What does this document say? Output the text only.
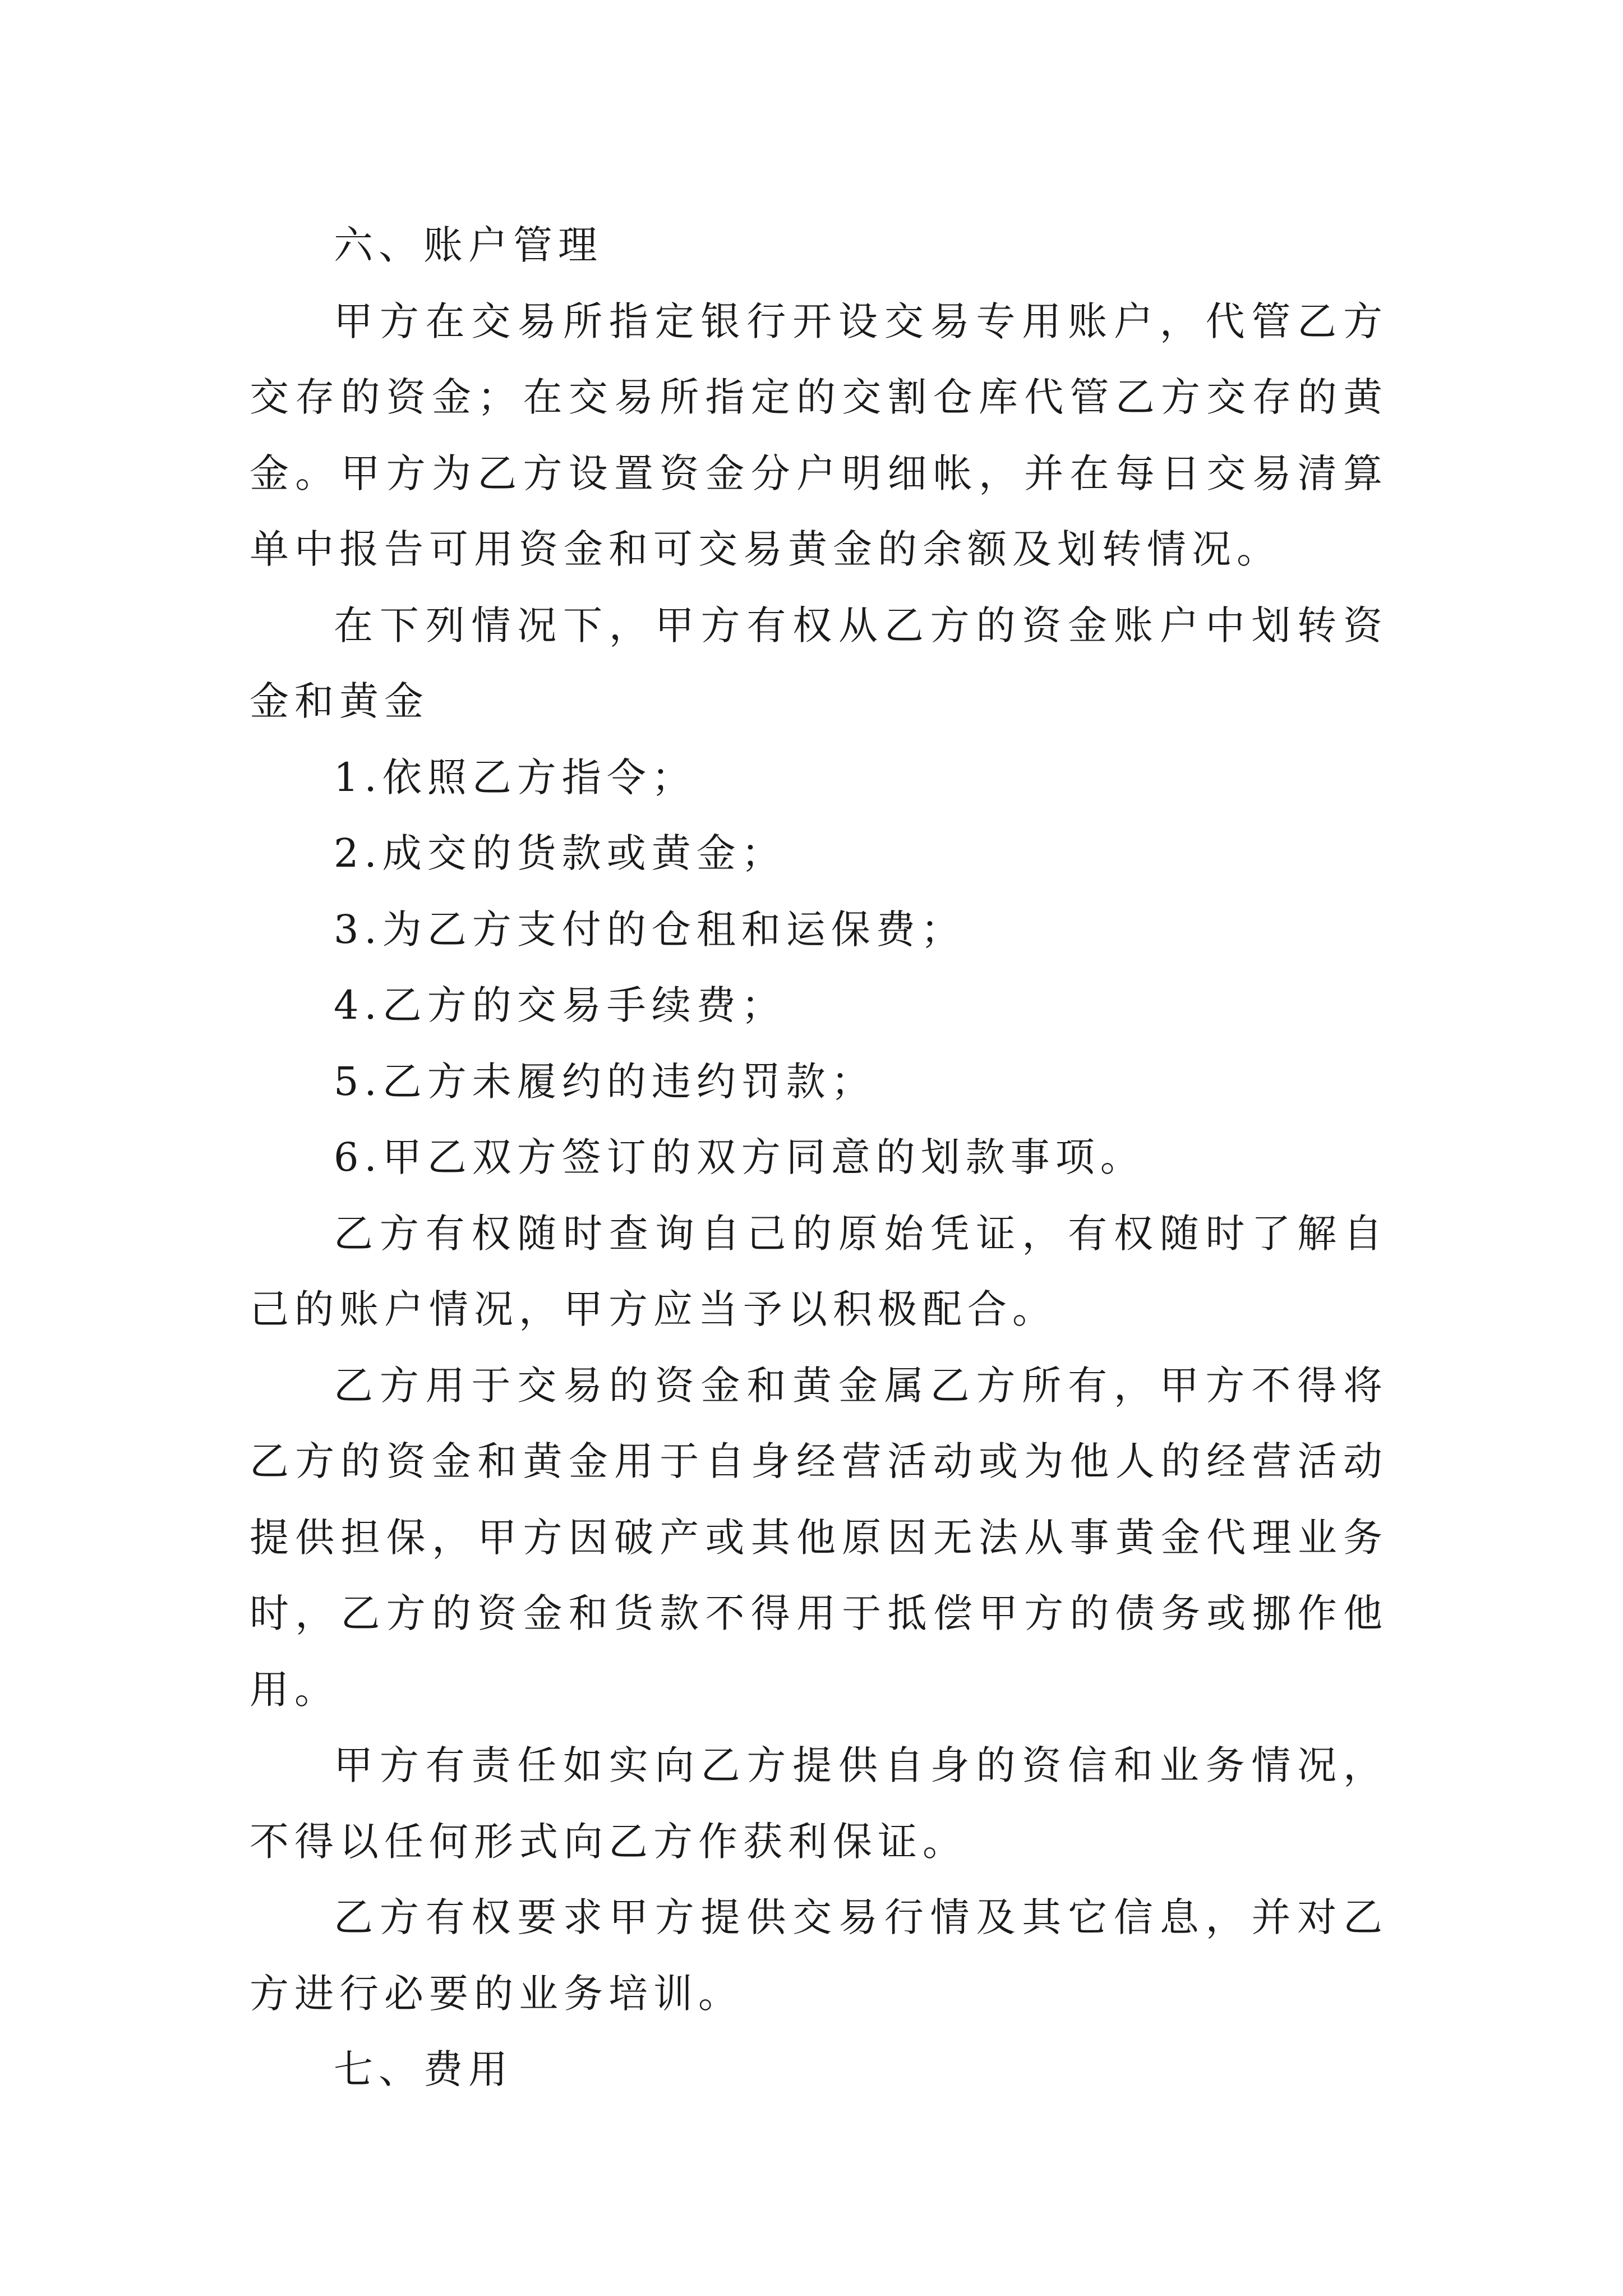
六、账户管理

甲方在交易所指定银行开设交易专用账户，代管乙方交存的资金；在交易所指定的交割仓库代管乙方交存的黄金。甲方为乙方设置资金分户明细帐，并在每日交易清算单中报告可用资金和可交易黄金的余额及划转情况。

在下列情况下，甲方有权从乙方的资金账户中划转资金和黄金

1.依照乙方指令；

2.成交的货款或黄金；

3.为乙方支付的仓租和运保费；

4.乙方的交易手续费；

5.乙方未履约的违约罚款；

6.甲乙双方签订的双方同意的划款事项。

乙方有权随时查询自己的原始凭证，有权随时了解自己的账户情况，甲方应当予以积极配合。

乙方用于交易的资金和黄金属乙方所有，甲方不得将乙方的资金和黄金用于自身经营活动或为他人的经营活动提供担保，甲方因破产或其他原因无法从事黄金代理业务时，乙方的资金和货款不得用于抵偿甲方的债务或挪作他用。

甲方有责任如实向乙方提供自身的资信和业务情况，不得以任何形式向乙方作获利保证。

乙方有权要求甲方提供交易行情及其它信息，并对乙方进行必要的业务培训。

七、费用
